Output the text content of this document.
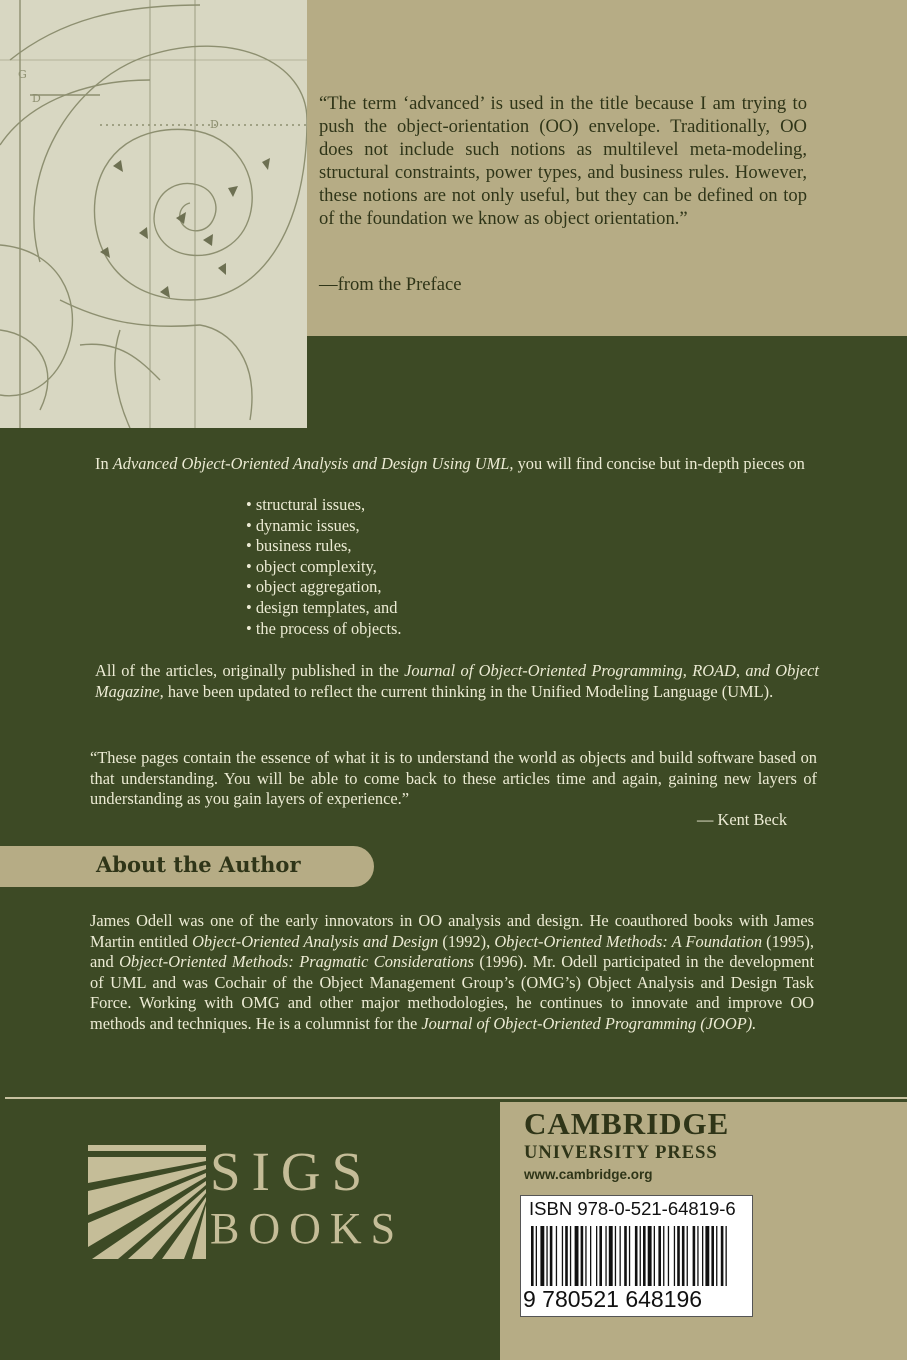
D
D
G
“The term ‘advanced’ is used in the title because I am trying to push the object-orientation (OO) envelope. Traditionally, OO does not include such notions as multilevel meta-modeling, structural constraints, power types, and business rules. However, these notions are not only useful, but they can be defined on top of the foundation we know as object orientation.”
—from the Preface
In Advanced Object-Oriented Analysis and Design Using UML, you will find concise but in-depth pieces on
• structural issues,
• dynamic issues,
• business rules,
• object complexity,
• object aggregation,
• design templates, and
• the process of objects.
All of the articles, originally published in the Journal of Object-Oriented Programming, ROAD, and Object Magazine, have been updated to reflect the current thinking in the Unified Modeling Language (UML).
“These pages contain the essence of what it is to understand the world as objects and build software based on that understanding. You will be able to come back to these articles time and again, gaining new layers of understanding as you gain layers of experience.”
— Kent Beck
About the Author
James Odell was one of the early innovators in OO analysis and design. He coauthored books with James Martin entitled Object-Oriented Analysis and Design (1992), Object-Oriented Methods: A Foundation (1995), and Object-Oriented Methods: Pragmatic Considerations (1996). Mr. Odell participated in the development of UML and was Cochair of the Object Management Group’s (OMG’s) Object Analysis and Design Task Force. Working with OMG and other major methodologies, he continues to innovate and improve OO methods and techniques. He is a columnist for the Journal of Object-Oriented Programming (JOOP).
SIGS
BOOKS
CAMBRIDGE
UNIVERSITY PRESS
www.cambridge.org
ISBN 978-0-521-64819-6
9 780521 648196
